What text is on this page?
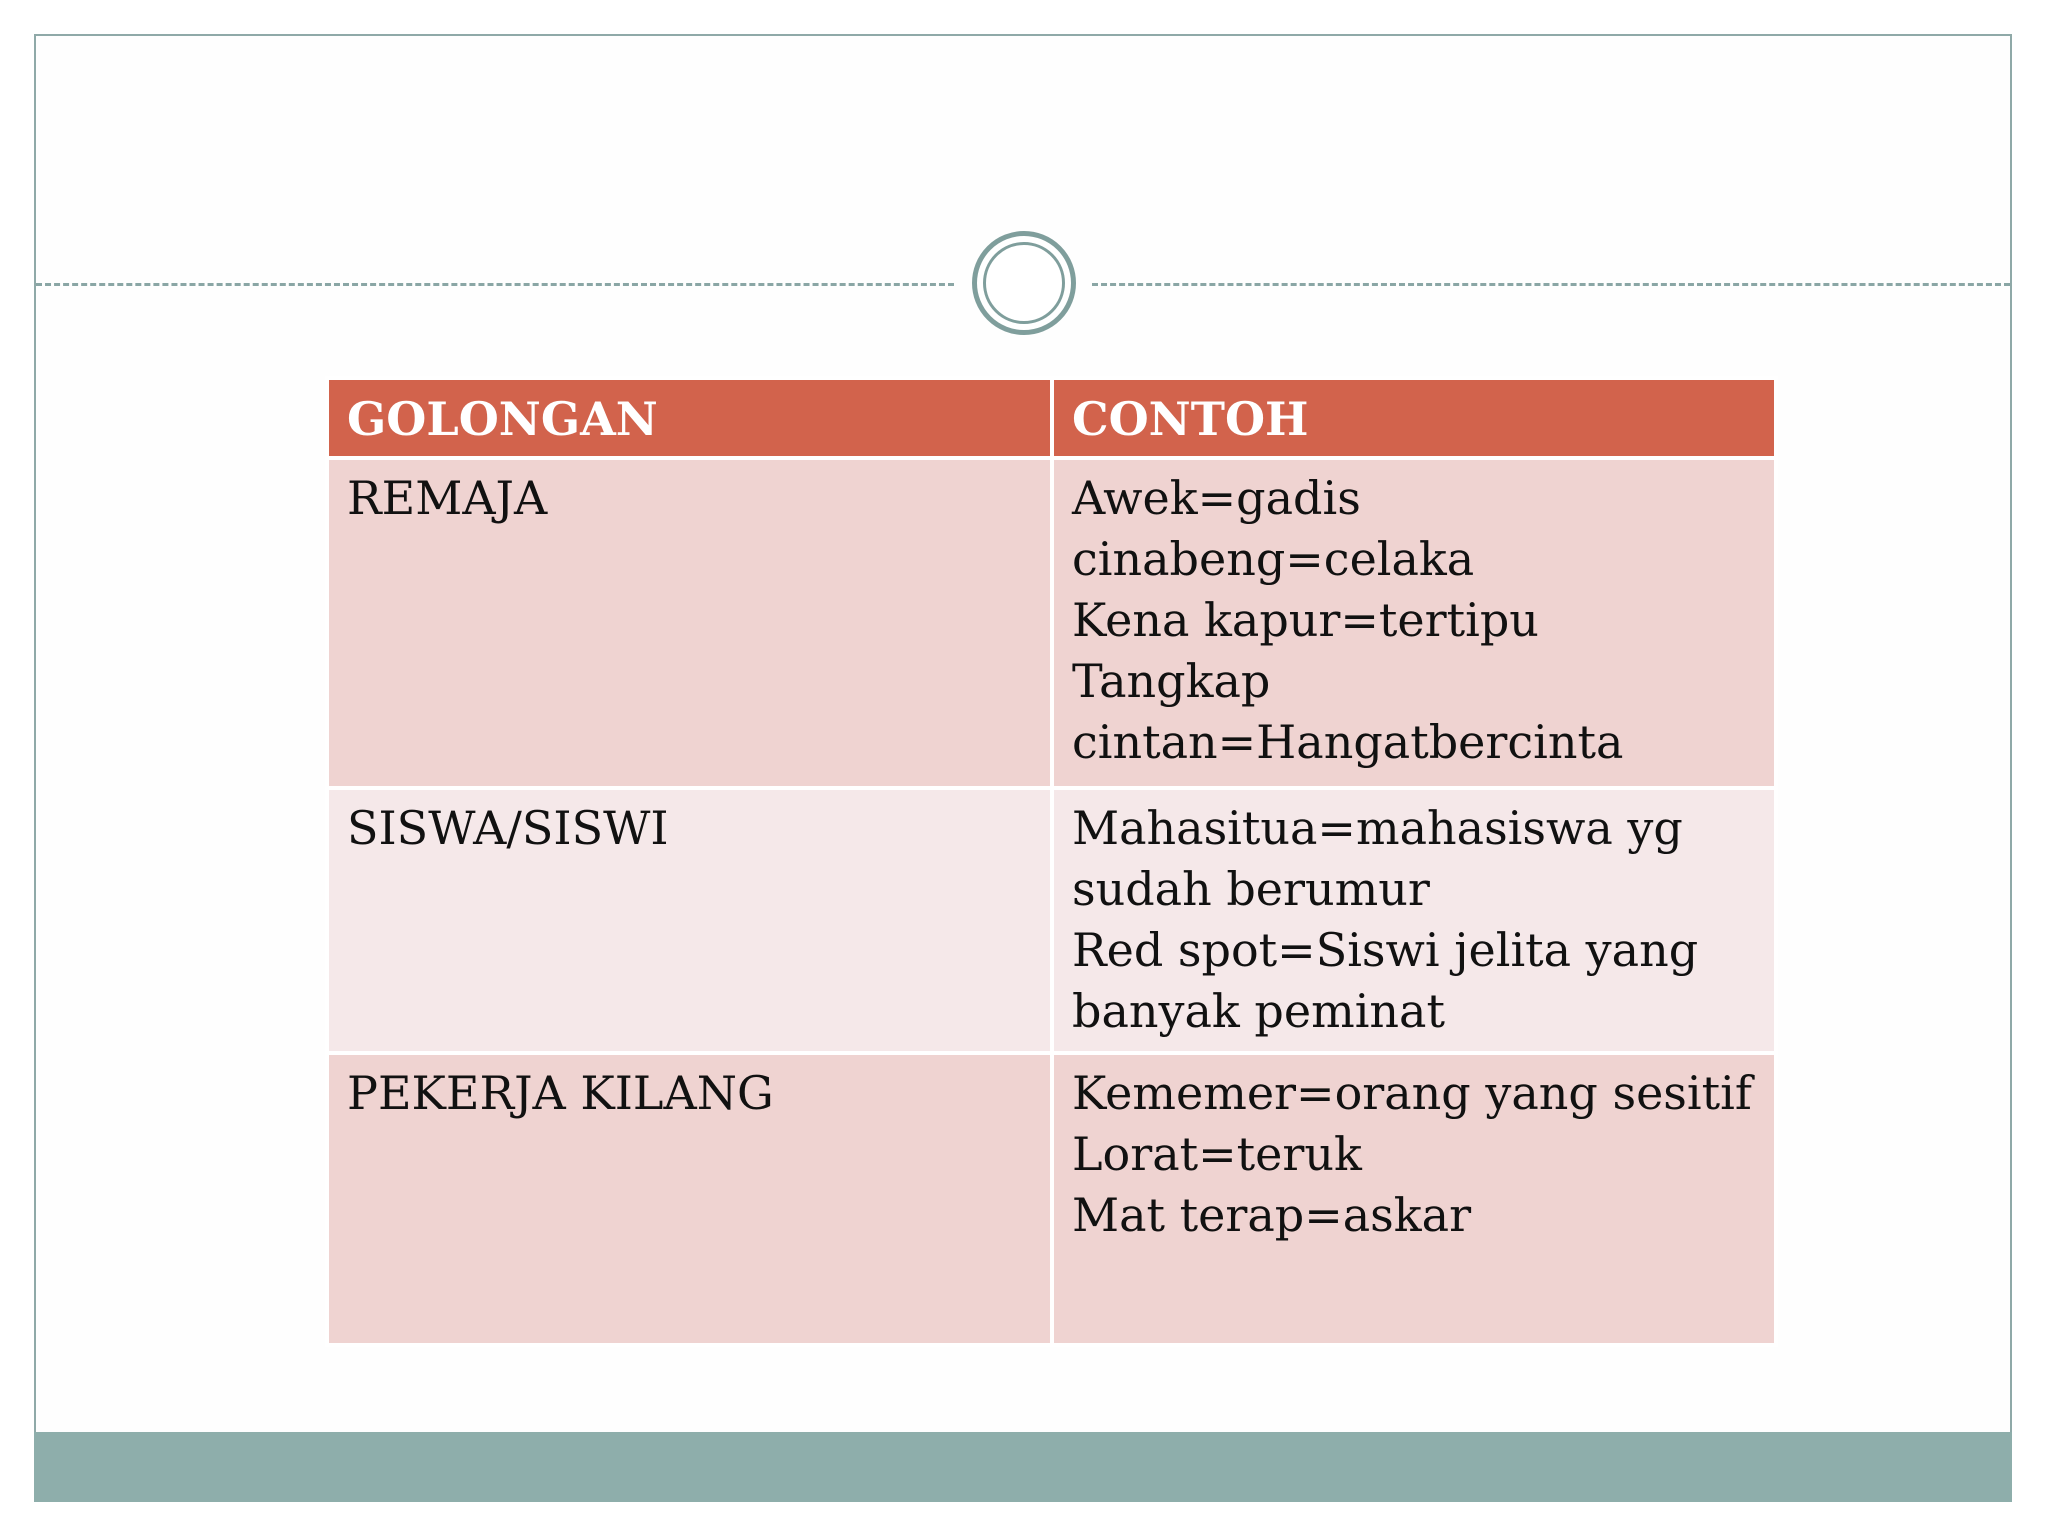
GOLONGAN	CONTOH
REMAJA	Awek=gadis
cinabeng=celaka
Kena kapur=tertipu
Tangkap
cintan=Hangatbercinta

SISWA/SISWI	Mahasitua=mahasiswa yg
sudah berumur
Red spot=Siswi jelita yang
banyak peminat

PEKERJA KILANG	Kememer=orang yang sesitif
Lorat=teruk
Mat terap=askar
